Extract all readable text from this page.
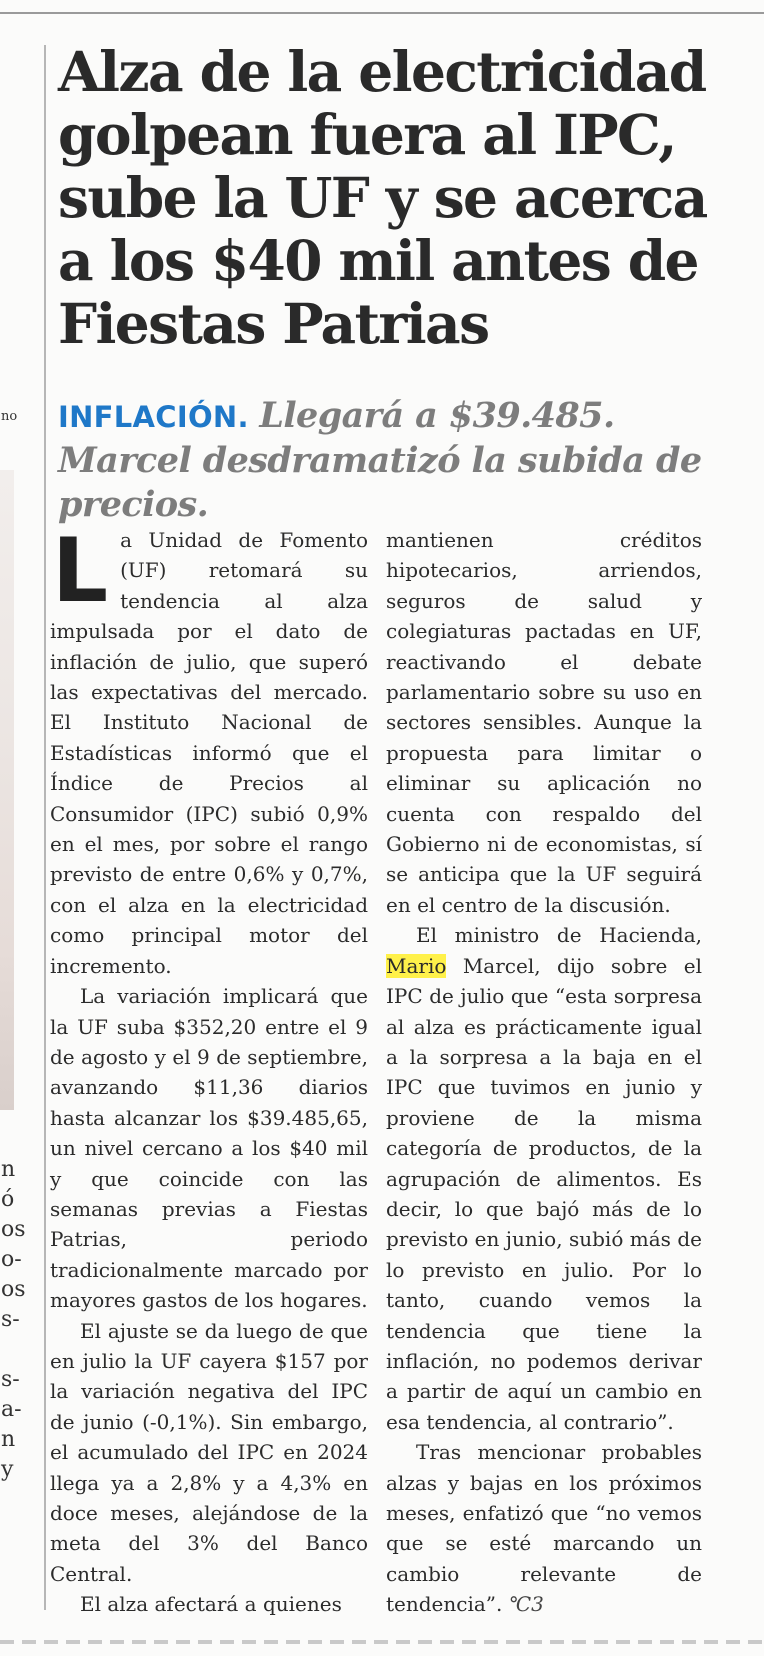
no
n
ó
os
o-
os
s-
s-
a-
n
y
Alza de la electricidad golpean fuera al IPC, sube la UF y se acerca a los $40 mil antes de Fiestas Patrias

INFLACIÓN. Llegará a $39.485. Marcel desdramatizó la subida de precios.

La Unidad de Fomento (UF) retomará su tendencia al alza impulsada por el dato de inflación de julio, que superó las expectativas del mercado. El Instituto Nacional de Estadísticas informó que el Índice de Precios al Consumidor (IPC) subió 0,9% en el mes, por sobre el rango previsto de entre 0,6% y 0,7%, con el alza en la electricidad como principal motor del incremento.

La variación implicará que la UF suba $352,20 entre el 9 de agosto y el 9 de septiembre, avanzando $11,36 diarios hasta alcanzar los $39.485,65, un nivel cercano a los $40 mil y que coincide con las semanas previas a Fiestas Patrias, periodo tradicionalmente marcado por mayores gastos de los hogares.

El ajuste se da luego de que en julio la UF cayera $157 por la variación negativa del IPC de junio (-0,1%). Sin embargo, el acumulado del IPC en 2024 llega ya a 2,8% y a 4,3% en doce meses, alejándose de la meta del 3% del Banco Central.

El alza afectará a quienes

mantienen créditos hipotecarios, arriendos, seguros de salud y colegiaturas pactadas en UF, reactivando el debate parlamentario sobre su uso en sectores sensibles. Aunque la propuesta para limitar o eliminar su aplicación no cuenta con respaldo del Gobierno ni de economistas, sí se anticipa que la UF seguirá en el centro de la discusión.

El ministro de Hacienda, Mario Marcel, dijo sobre el IPC de julio que “esta sorpresa al alza es prácticamente igual a la sorpresa a la baja en el IPC que tuvimos en junio y proviene de la misma categoría de productos, de la agrupación de alimentos. Es decir, lo que bajó más de lo previsto en junio, subió más de lo previsto en julio. Por lo tanto, cuando vemos la tendencia que tiene la inflación, no podemos derivar a partir de aquí un cambio en esa tendencia, al contrario”.

Tras mencionar probables alzas y bajas en los próximos meses, enfatizó que “no vemos que se esté marcando un cambio relevante de tendencia”. ℃3
